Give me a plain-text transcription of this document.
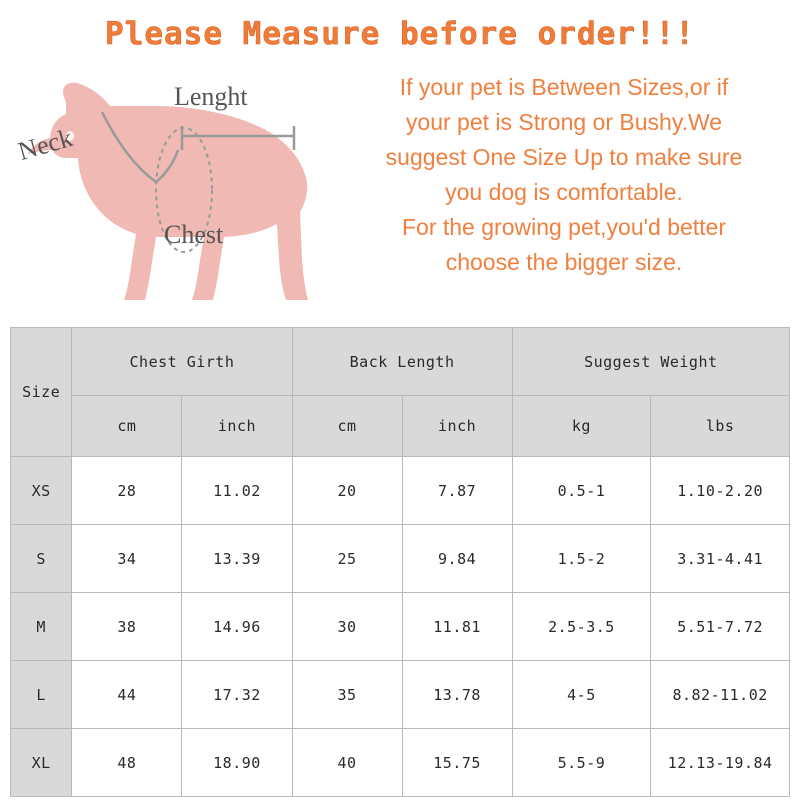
Please Measure before order!!!
Neck
Lenght
Chest
If your pet is Between Sizes,or if
your pet is Strong or Bushy.We
suggest One Size Up to make sure
you dog is comfortable.
For the growing pet,you'd better
choose the bigger size.
Size	Chest Girth		Back Length		Suggest Weight	
	cm	inch	cm	inch	kg	lbs
XS	28	11.02	20	7.87	0.5-1	1.10-2.20
S	34	13.39	25	9.84	1.5-2	3.31-4.41
M	38	14.96	30	11.81	2.5-3.5	5.51-7.72
L	44	17.32	35	13.78	4-5	8.82-11.02
XL	48	18.90	40	15.75	5.5-9	12.13-19.84
